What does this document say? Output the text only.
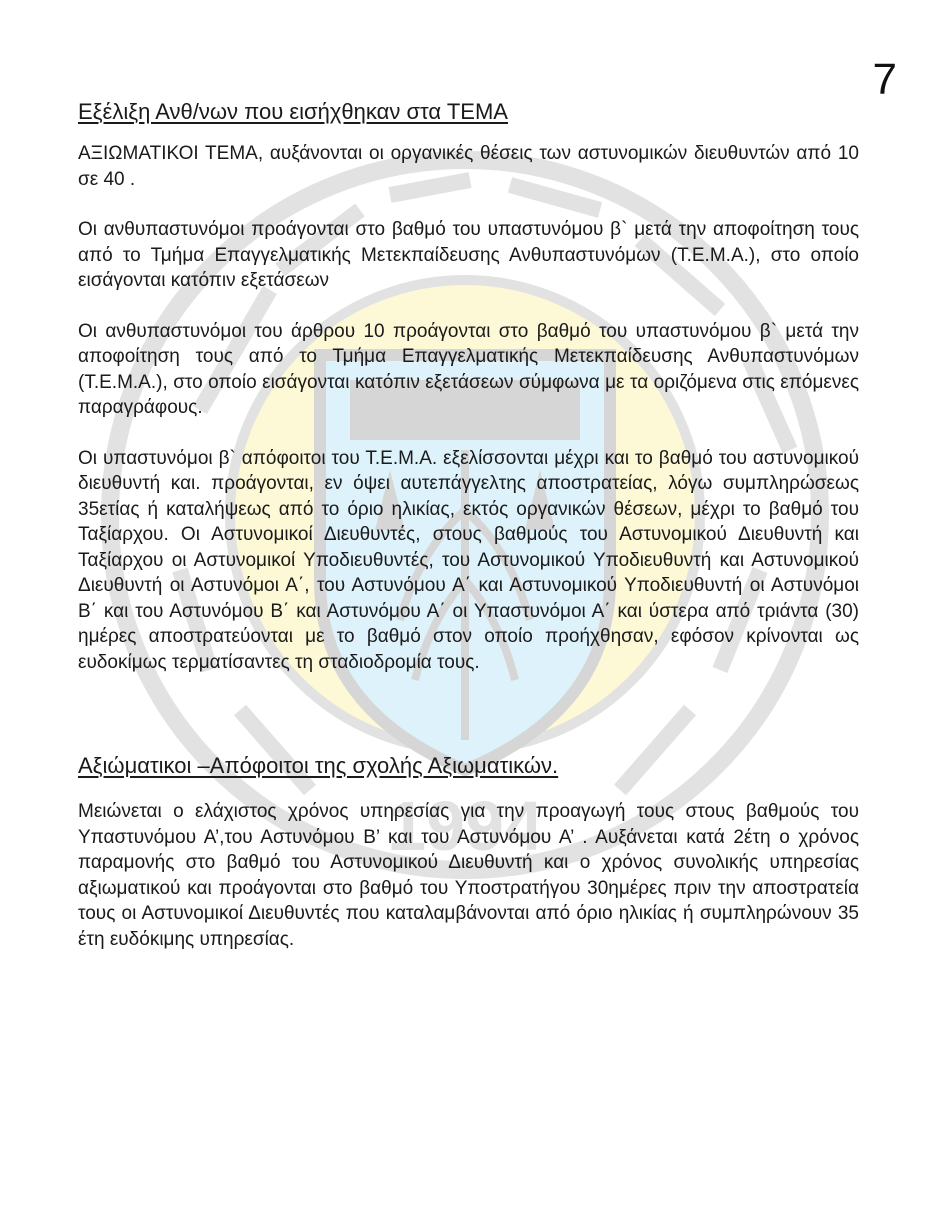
1994
7
Εξέλιξη Ανθ/νων που εισήχθηκαν στα ΤΕΜΑ

ΑΞΙΩΜΑΤΙΚΟΙ ΤΕΜΑ, αυξάνονται οι οργανικές θέσεις των αστυνομικών διευθυντών από 10 σε 40 .

Οι ανθυπαστυνόμοι προάγονται στο βαθμό του υπαστυνόμου β` μετά την αποφοίτηση τους από το Τμήμα Επαγγελματικής Μετεκπαίδευσης Ανθυπαστυνόμων (Τ.Ε.Μ.Α.), στο οποίο εισάγονται κατόπιν εξετάσεων

Οι ανθυπαστυνόμοι του άρθρου 10 προάγονται στο βαθμό του υπαστυνόμου β` μετά την αποφοίτηση τους από το Τμήμα Επαγγελματικής Μετεκπαίδευσης Ανθυπαστυνόμων (Τ.Ε.Μ.Α.), στο οποίο εισάγονται κατόπιν εξετάσεων σύμφωνα με τα οριζόμενα στις επόμενες παραγράφους.

Οι υπαστυνόμοι β` απόφοιτοι του Τ.Ε.Μ.Α. εξελίσσονται μέχρι και το βαθμό του αστυνομικού διευθυντή και. προάγονται, εν όψει αυτεπάγγελτης αποστρατείας, λόγω συμπληρώσεως 35ετίας ή καταλήψεως από το όριο ηλικίας, εκτός οργανικών θέσεων, μέχρι το βαθμό του Ταξίαρχου. Οι Αστυνομικοί Διευθυντές, στους βαθμούς του Αστυνομικού Διευθυντή και Ταξίαρχου οι Αστυνομικοί Υποδιευθυντές, του Αστυνομικού Υποδιευθυντή και Αστυνομικού Διευθυντή οι Αστυνόμοι Α΄, του Αστυνόμου Α΄ και Αστυνομικού Υποδιευθυντή οι Αστυνόμοι Β΄ και του Αστυνόμου Β΄ και Αστυνόμου Α΄ οι Υπαστυνόμοι Α΄ και ύστερα από τριάντα (30) ημέρες αποστρατεύονται με το βαθμό στον οποίο προήχθησαν, εφόσον κρίνονται ως ευδοκίμως τερματίσαντες τη σταδιοδρομία τους.

Αξιώματικοι –Απόφοιτοι της σχολής Αξιωματικών.

Μειώνεται ο ελάχιστος χρόνος υπηρεσίας για την προαγωγή τους στους βαθμούς του Υπαστυνόμου Α’,του Αστυνόμου Β’ και του Αστυνόμου Α’ . Αυξάνεται κατά 2έτη ο χρόνος παραμονής στο βαθμό του Αστυνομικού Διευθυντή και ο χρόνος συνολικής υπηρεσίας αξιωματικού και προάγονται στο βαθμό του Υποστρατήγου 30ημέρες πριν την αποστρατεία τους οι Αστυνομικοί Διευθυντές που καταλαμβάνονται από όριο ηλικίας ή συμπληρώνουν 35 έτη ευδόκιμης υπηρεσίας.
